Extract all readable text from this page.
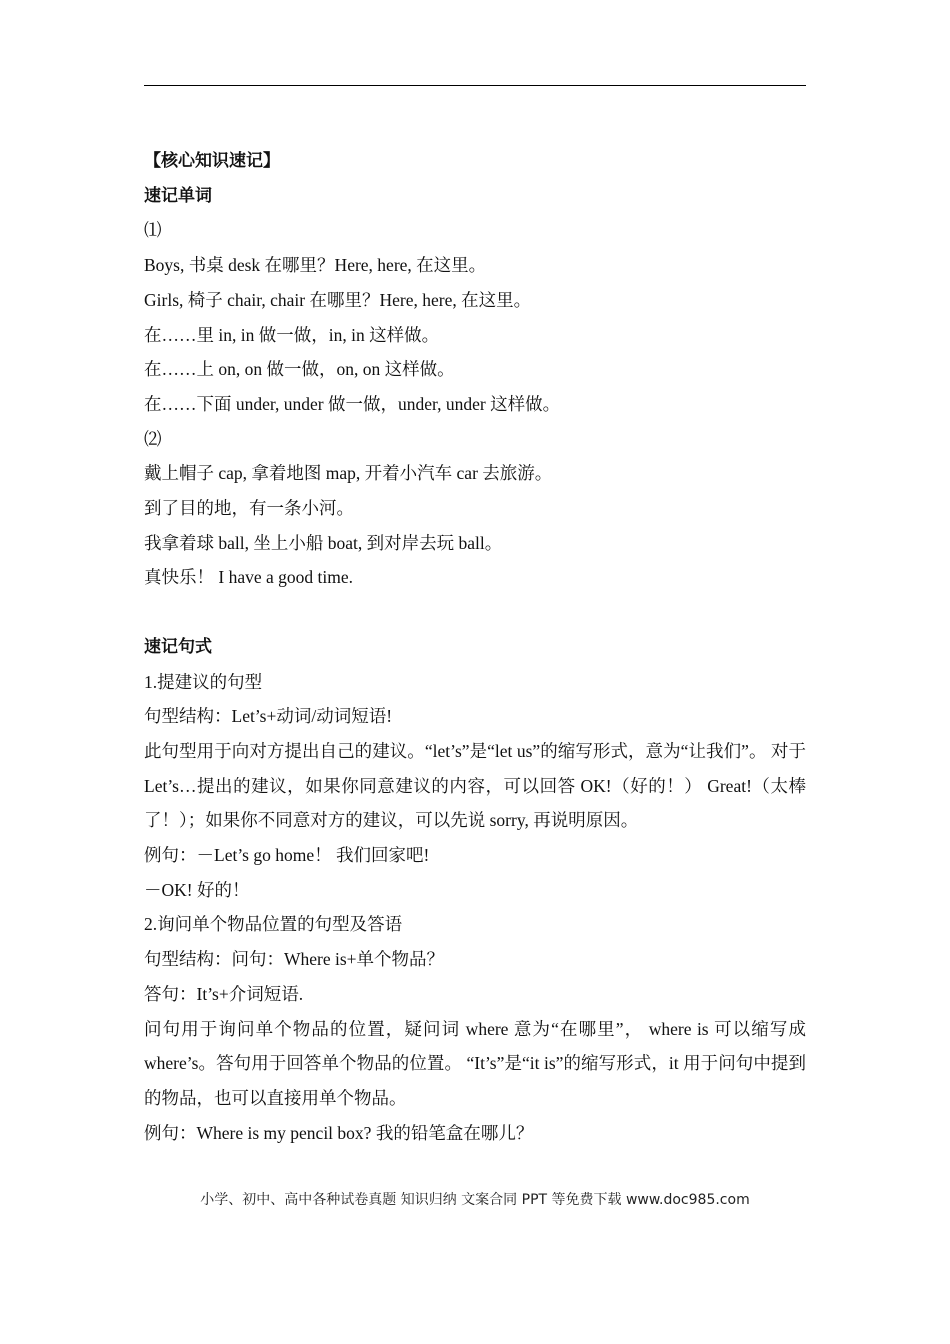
【核心知识速记】
速记单词
⑴
Boys, 书桌 desk 在哪里？Here, here, 在这里。
Girls, 椅子 chair, chair 在哪里？Here, here, 在这里。
在……里 in, in 做一做，in, in 这样做。
在……上 on, on 做一做，on, on 这样做。
在……下面 under, under 做一做，under, under 这样做。
⑵
戴上帽子 cap, 拿着地图 map, 开着小汽车 car 去旅游。
到了目的地，有一条小河。
我拿着球 ball, 坐上小船 boat, 到对岸去玩 ball。
真快乐！ I have a good time.
速记句式
1.提建议的句型
句型结构：Let’s+动词/动词短语!
此句型用于向对方提出自己的建议。“let’s”是“let us”的缩写形式，意为“让我们”。 对于 Let’s…提出的建议，如果你同意建议的内容，可以回答 OK!（好的！） Great!（太棒了！）；如果你不同意对方的建议，可以先说 sorry, 再说明原因。
例句：－Let’s go home！ 我们回家吧!
－OK! 好的！
2.询问单个物品位置的句型及答语
句型结构：问句：Where is+单个物品？
答句：It’s+介词短语.
问句用于询问单个物品的位置，疑问词 where 意为“在哪里”， where is 可以缩写成 where’s。答句用于回答单个物品的位置。 “It’s”是“it is”的缩写形式，it 用于问句中提到的物品，也可以直接用单个物品。
例句：Where is my pencil box? 我的铅笔盒在哪儿？
小学、初中、高中各种试卷真题 知识归纳 文案合同 PPT 等免费下载 www.doc985.com
